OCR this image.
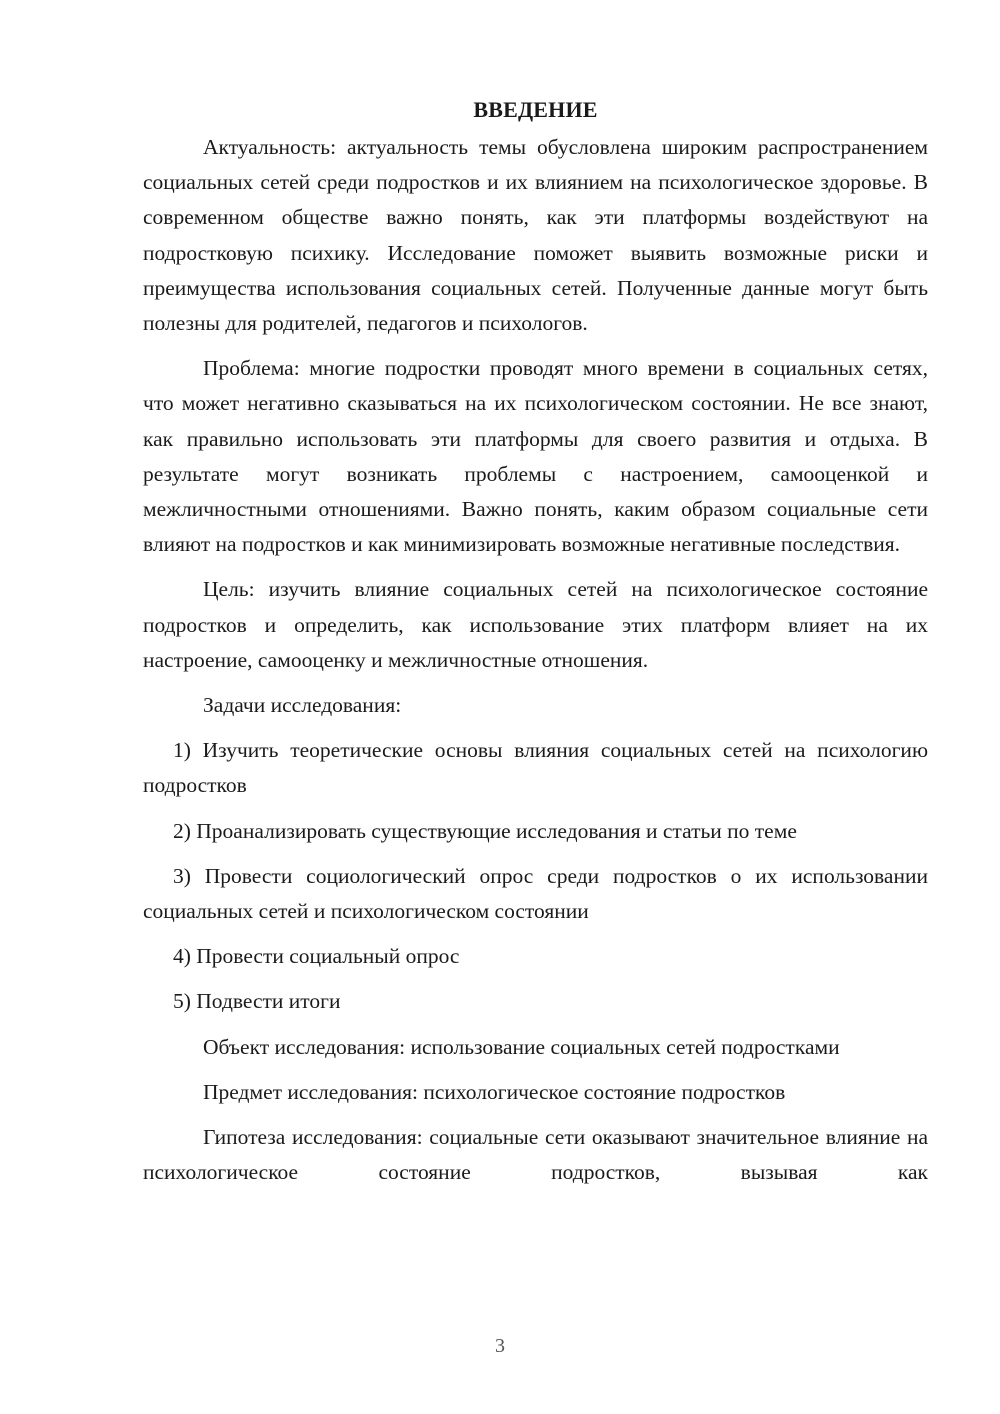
ВВЕДЕНИЕ

Актуальность: актуальность темы обусловлена широким распространением социальных сетей среди подростков и их влиянием на психологическое здоровье. В современном обществе важно понять, как эти платформы воздействуют на подростковую психику. Исследование поможет выявить возможные риски и преимущества использования социальных сетей. Полученные данные могут быть полезны для родителей, педагогов и психологов.

Проблема: многие подростки проводят много времени в социальных сетях, что может негативно сказываться на их психологическом состоянии. Не все знают, как правильно использовать эти платформы для своего развития и отдыха. В результате могут возникать проблемы с настроением, самооценкой и межличностными отношениями. Важно понять, каким образом социальные сети влияют на подростков и как минимизировать возможные негативные последствия.

Цель: изучить влияние социальных сетей на психологическое состояние подростков и определить, как использование этих платформ влияет на их настроение, самооценку и межличностные отношения.

Задачи исследования:

1) Изучить теоретические основы влияния социальных сетей на психологию подростков

2) Проанализировать существующие исследования и статьи по теме

3) Провести социологический опрос среди подростков о их использовании социальных сетей и психологическом состоянии

4) Провести социальный опрос

5) Подвести итоги

Объект исследования: использование социальных сетей подростками

Предмет исследования: психологическое состояние подростков

Гипотеза исследования: социальные сети оказывают значительное влияние на психологическое состояние подростков, вызывая как

3
